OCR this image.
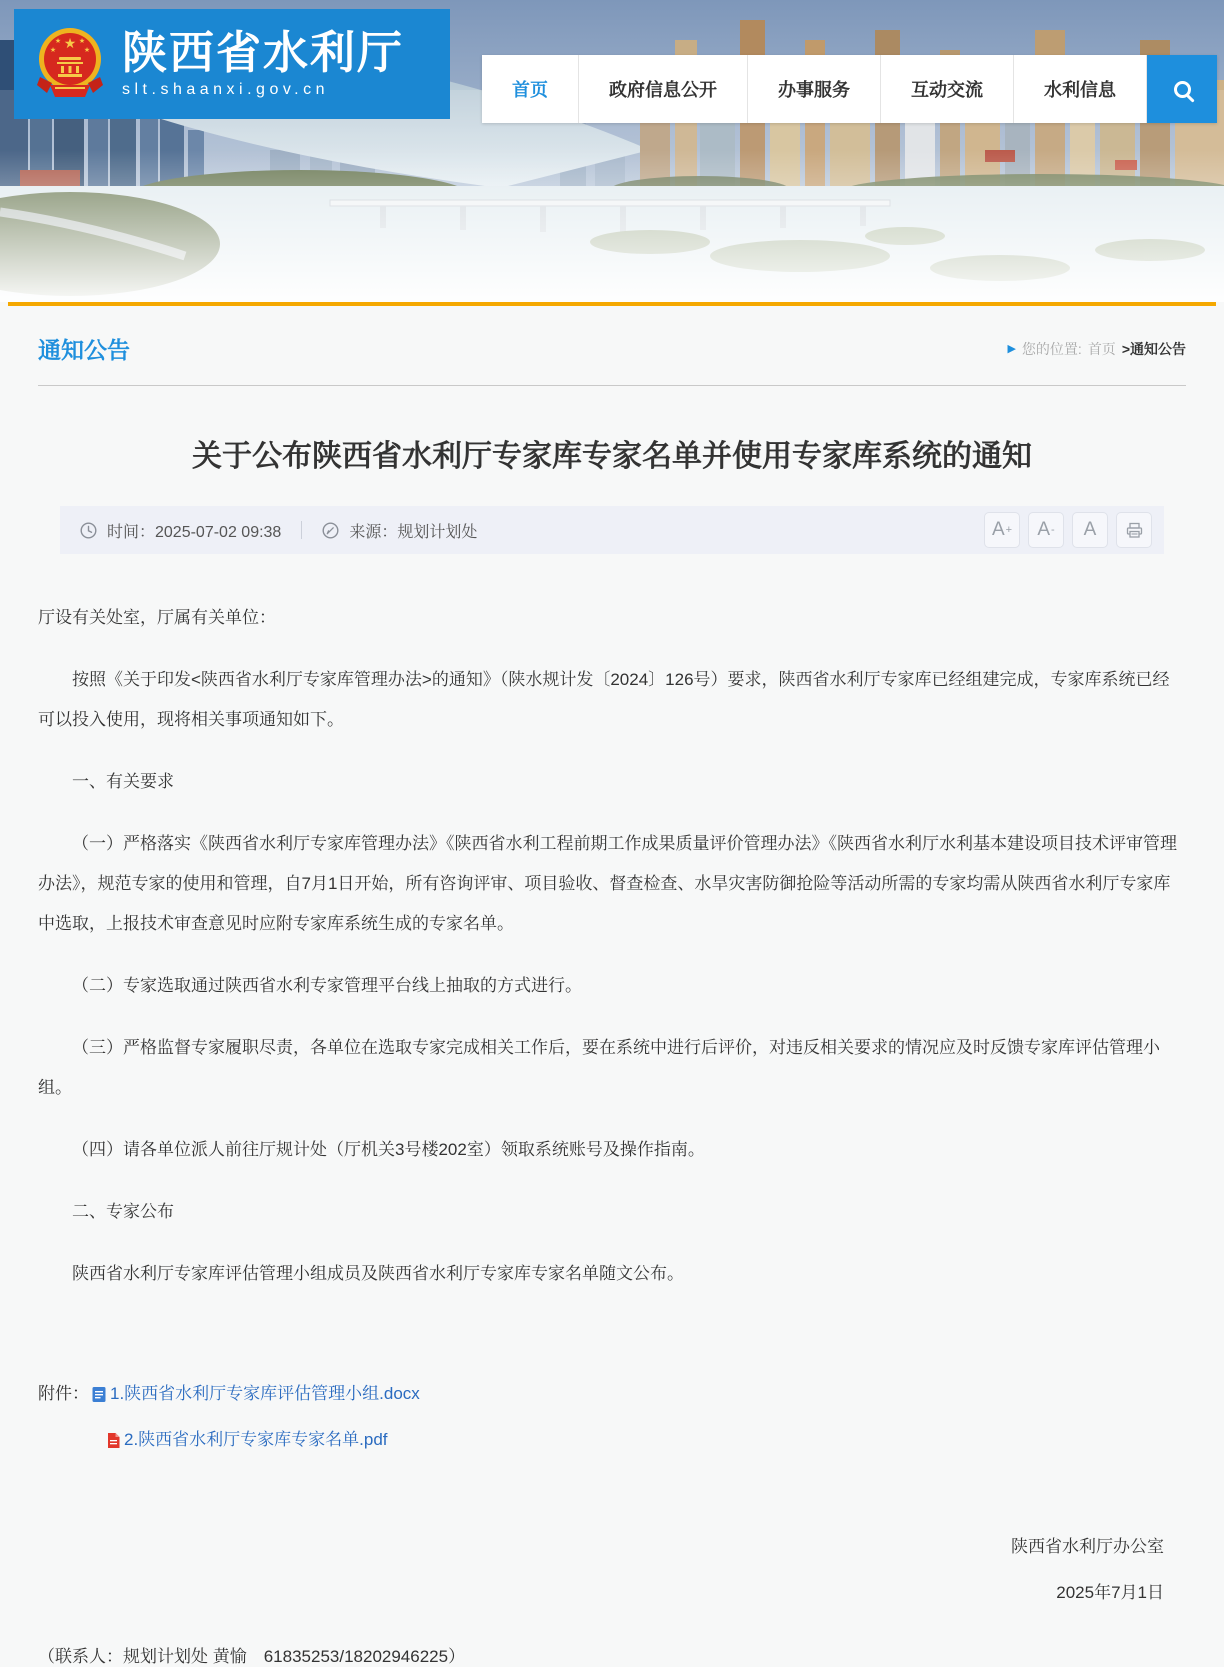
★
★	★
★	★ 陕西省水利厅
slt.shaanxi.gov.cn	首页	政府信息公开	办事服务	互动交流	水利信息
通知公告	▶ 您的位置: 首页 >通知公告
关于公布陕西省水利厅专家库专家名单并使用专家库系统的通知
时间：2025-07-02 09:38	来源：规划计划处	A + A - A

厅设有关处室，厅属有关单位：

按照《关于印发<陕西省水利厅专家库管理办法>的通知》（陕水规计发〔2024〕126号）要求，陕西省水利厅专家库已经组建完成，专家库系统已经可以投入使用，现将相关事项通知如下。

一、有关要求

（一）严格落实《陕西省水利厅专家库管理办法》《陕西省水利工程前期工作成果质量评价管理办法》《陕西省水利厅水利基本建设项目技术评审管理办法》，规范专家的使用和管理，自7月1日开始，所有咨询评审、项目验收、督查检查、水旱灾害防御抢险等活动所需的专家均需从陕西省水利厅专家库中选取，上报技术审查意见时应附专家库系统生成的专家名单。

（二）专家选取通过陕西省水利专家管理平台线上抽取的方式进行。

（三）严格监督专家履职尽责，各单位在选取专家完成相关工作后，要在系统中进行后评价，对违反相关要求的情况应及时反馈专家库评估管理小组。

（四）请各单位派人前往厅规计处（厅机关3号楼202室）领取系统账号及操作指南。

二、专家公布

陕西省水利厅专家库评估管理小组成员及陕西省水利厅专家库专家名单随文公布。

附件： 1.陕西省水利厅专家库评估管理小组.docx
2.陕西省水利厅专家库专家名单.pdf
陕西省水利厅办公室
2025年7月1日

（联系人：规划计划处 黄愉　61835253/18202946225）
